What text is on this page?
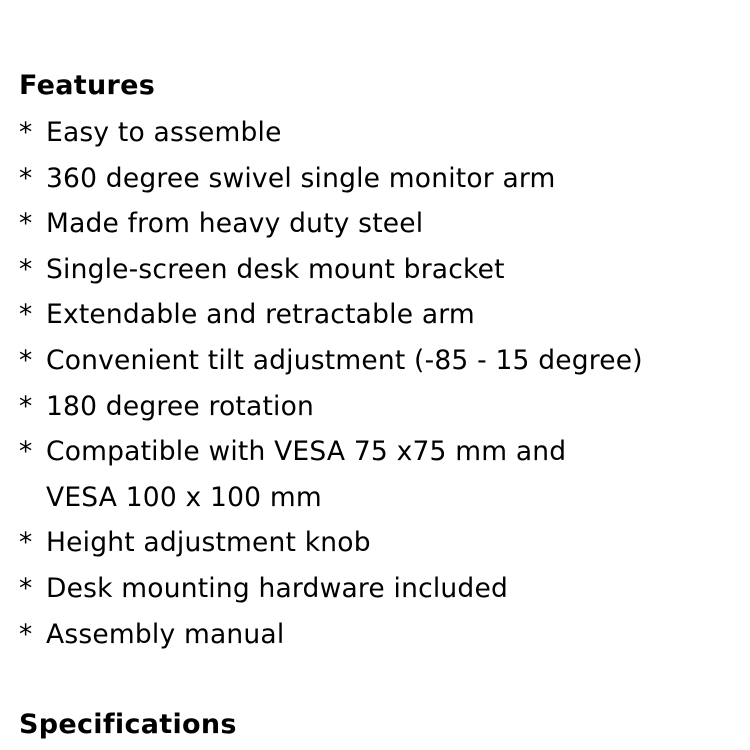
Features
* Easy to assemble
* 360 degree swivel single monitor arm
* Made from heavy duty steel
* Single-screen desk mount bracket
* Extendable and retractable arm
* Convenient tilt adjustment (-85 - 15 degree)
* 180 degree rotation
* Compatible with VESA 75 x75 mm and
VESA 100 x 100 mm
* Height adjustment knob
* Desk mounting hardware included
* Assembly manual
Specifications
